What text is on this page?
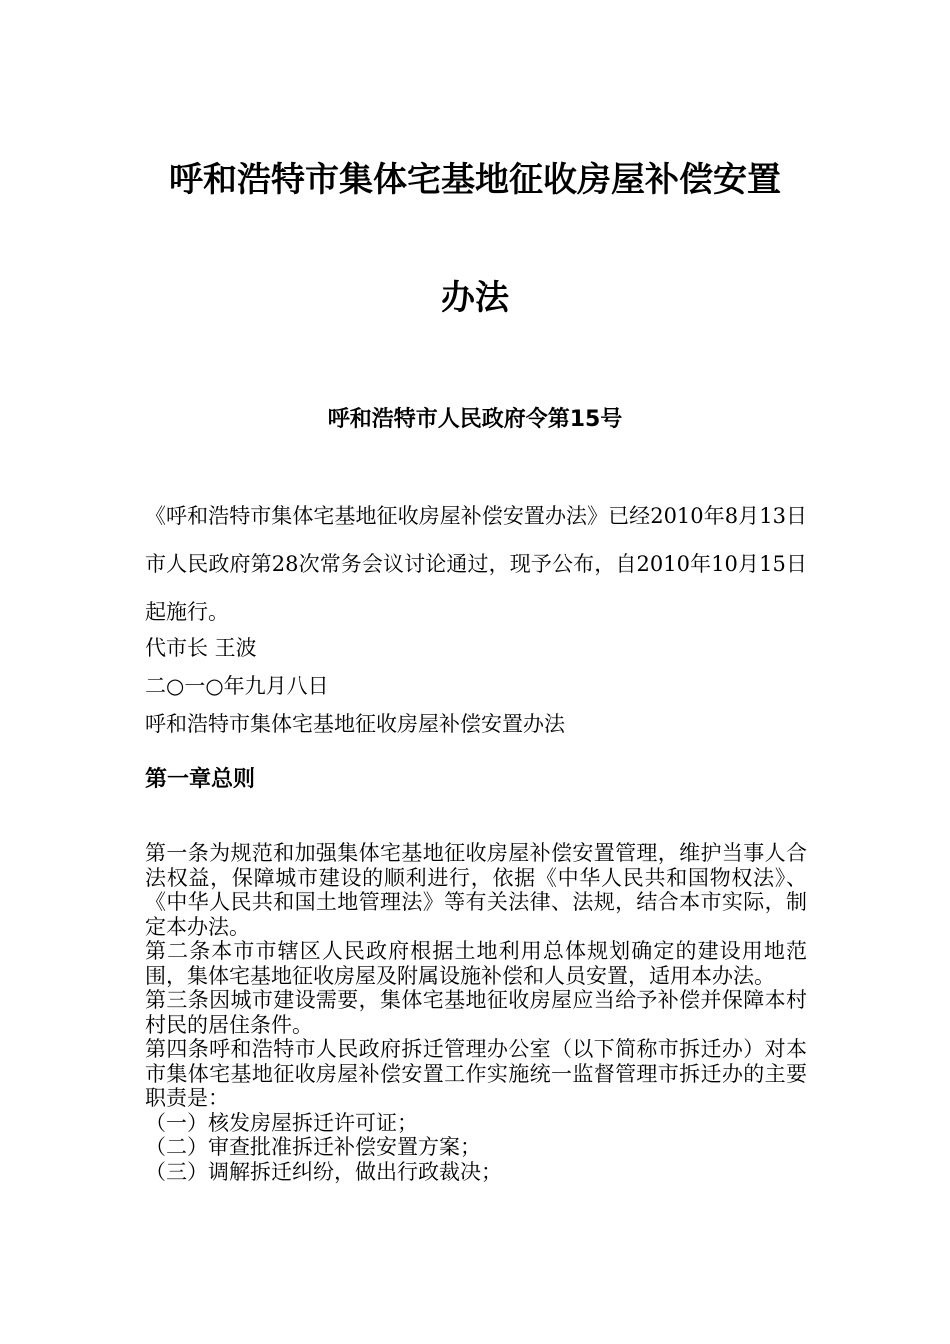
呼和浩特市集体宅基地征收房屋补偿安置
办法
呼和浩特市人民政府令第15号

《呼和浩特市集体宅基地征收房屋补偿安置办法》已经2010年8月13日市人民政府第28次常务会议讨论通过，现予公布，自2010年10月15日起施行。

代市长 王波

二○一○年九月八日

呼和浩特市集体宅基地征收房屋补偿安置办法

第一章总则

第一条为规范和加强集体宅基地征收房屋补偿安置管理，维护当事人合法权益，保障城市建设的顺利进行，依据《中华人民共和国物权法》、《中华人民共和国土地管理法》等有关法律、法规，结合本市实际，制定本办法。

第二条本市市辖区人民政府根据土地利用总体规划确定的建设用地范围，集体宅基地征收房屋及附属设施补偿和人员安置，适用本办法。

第三条因城市建设需要，集体宅基地征收房屋应当给予补偿并保障本村村民的居住条件。

第四条呼和浩特市人民政府拆迁管理办公室（以下简称市拆迁办）对本市集体宅基地征收房屋补偿安置工作实施统一监督管理市拆迁办的主要职责是：

（一）核发房屋拆迁许可证；

（二）审查批准拆迁补偿安置方案；

（三）调解拆迁纠纷，做出行政裁决；
